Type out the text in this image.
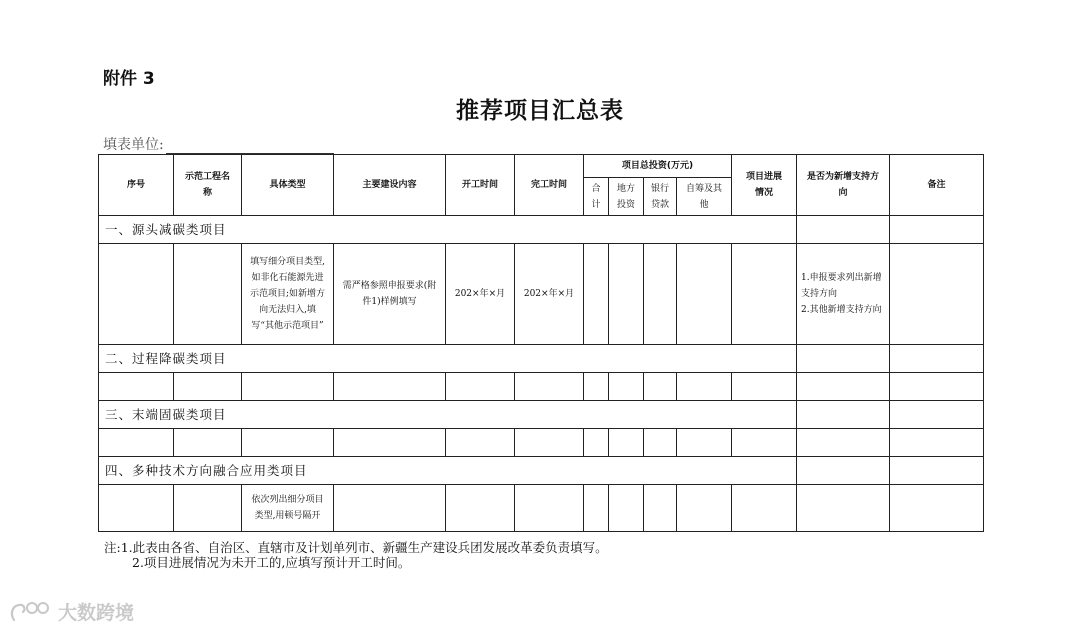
附件 3
推荐项目汇总表
填表单位:
序号	示范工程名称	具体类型	主要建设内容	开工时间	完工时间	项目总投资(万元)				项目进展情况	是否为新增支持方向	备注

						合计	地方投资	银行贷款	自筹及其他			

一、源头减碳类项目												

		填写细分项目类型,如非化石能源先进示范项目;如新增方向无法归入,填写“其他示范项目”	需严格参照申报要求(附件1)样例填写	202×年×月	202×年×月						1.申报要求列出新增支持方向
2.其他新增支持方向	

二、过程降碳类项目												

三、末端固碳类项目												

四、多种技术方向融合应用类项目												

		依次列出细分项目类型,用顿号隔开										

注:1.此表由各省、自治区、直辖市及计划单列市、新疆生产建设兵团发展改革委负责填写。
2.项目进展情况为未开工的,应填写预计开工时间。
大数跨境
